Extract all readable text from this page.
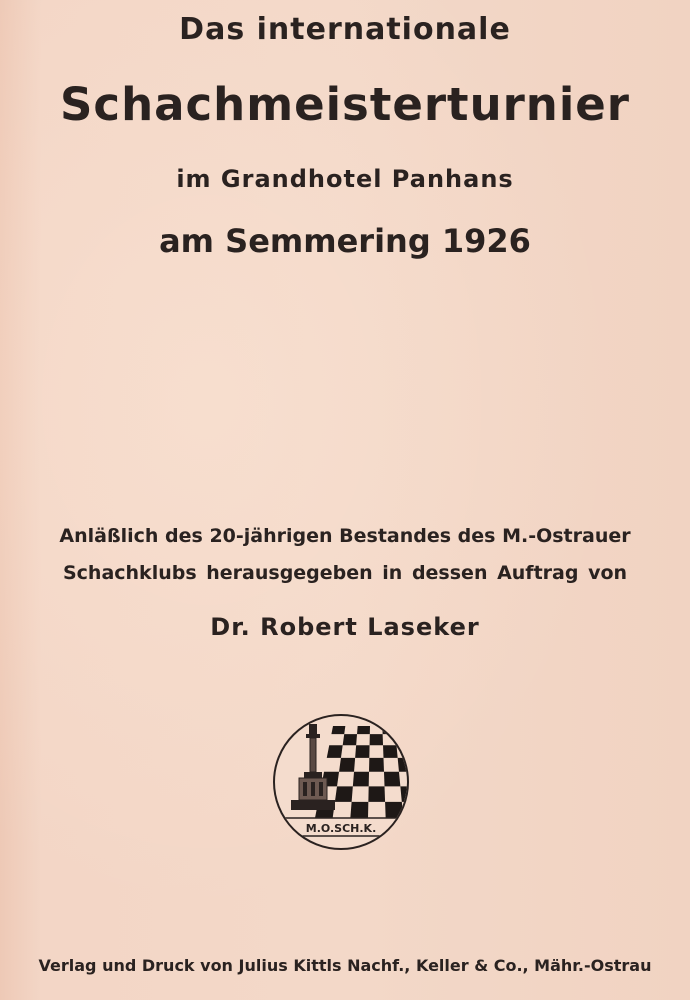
Das internationale
Schachmeisterturnier
im Grandhotel Panhans
am Semmering 1926
Anläßlich des 20-jährigen Bestandes des M.-Ostrauer
Schachklubs herausgegeben in dessen Auftrag von
Dr. Robert Laseker
M.O.SCH.K.
Verlag und Druck von Julius Kittls Nachf., Keller & Co., Mähr.-Ostrau
